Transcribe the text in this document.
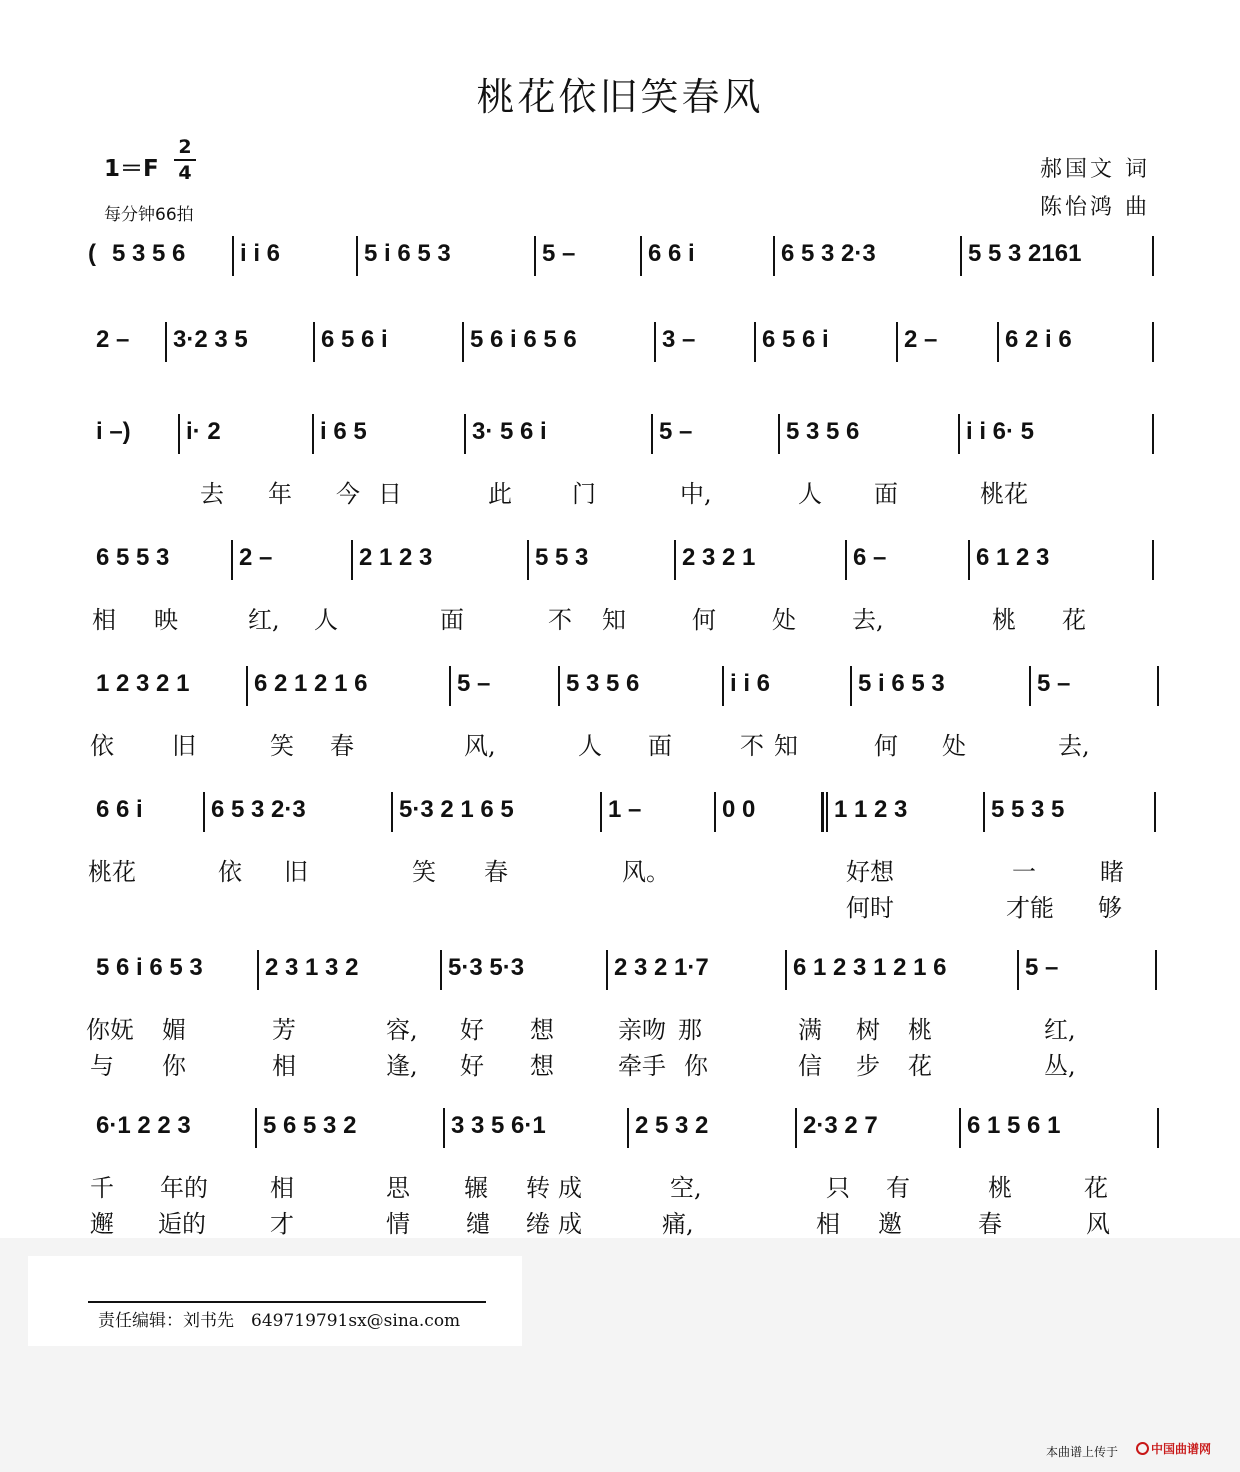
桃花依旧笑春风
1＝F
2
4
每分钟66拍
郝国文 词
陈怡鸿 曲
( 5 3 5 6	i i 6	5 i 6 5 3	5 –	6 6 i	6 5 3 2·3	5 5 3 2161
2 –	3·2 3 5	6 5 6 i	5 6 i 6 5 6	3 –	6 5 6 i	2 –	6 2 i 6
i –)	i· 2	i 6 5	3· 5 6 i	5 –	5 3 5 6	i i 6· 5
去 年 今 日	此	门	中,	人 面	桃花
6 5 5 3	2 –	2 1 2 3	5 5 3	2 3 2 1	6 –	6 1 2 3
相 映	红, 人	面	不 知	何 处 去,	桃 花
1 2 3 2 1	6 2 1 2 1 6	5 –	5 3 5 6	i i 6	5 i 6 5 3	5 –
依 旧	笑 春	风,	人 面	不 知	何 处	去,
6 6 i	6 5 3 2·3	5·3 2 1 6 5	1 –	0 0	1 1 2 3	5 5 3 5
桃花	依 旧	笑 春	风。	好想	一	睹
何时	才能 够
5 6 i 6 5 3	2 3 1 3 2	5·3 5·3	2 3 2 1·7	6 1 2 3 1 2 1 6	5 –
你妩 媚	芳	容, 好 想	亲吻 那	满 树 桃	红,
与 你	相	逢, 好 想	牵手 你	信 步 花	丛,
6·1 2 2 3	5 6 5 3 2	3 3 5 6·1	2 5 3 2	2·3 2 7	6 1 5 6 1
千 年的	相	思 辗 转 成	空,	只 有	桃	花
邂 逅的	才	情 缱 绻 成	痛,	相 邀	春	风
责任编辑：刘书先　649719791sx@sina.com
本曲谱上传于	中国曲谱网
